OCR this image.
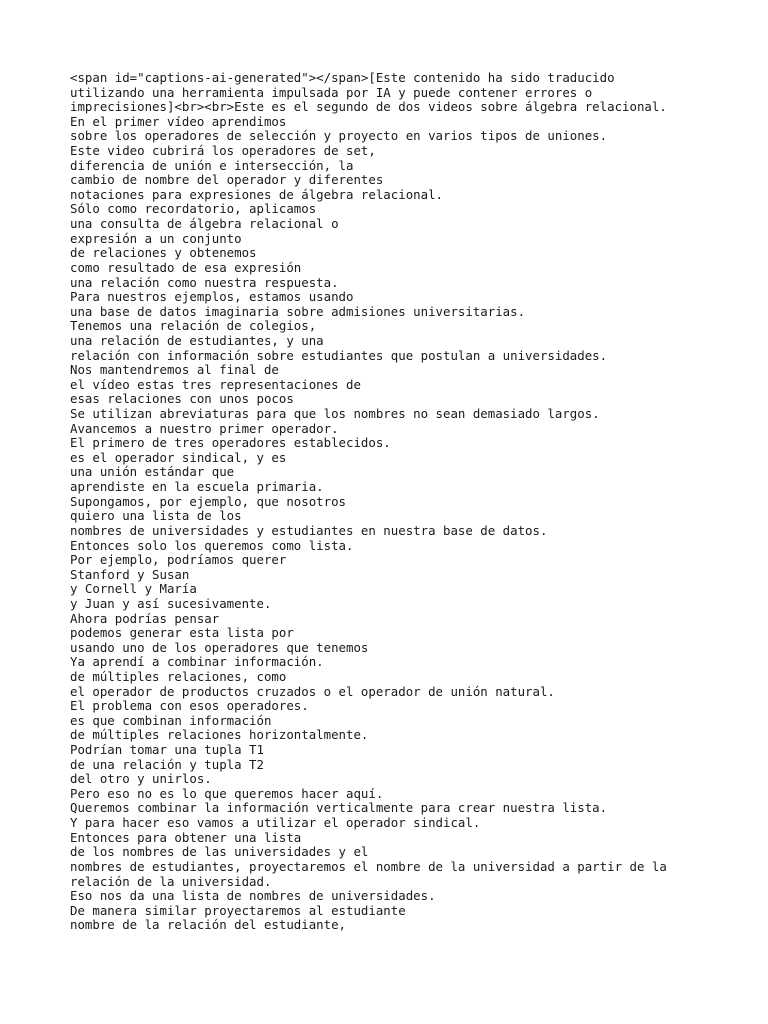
<span id="captions-ai-generated"></span>[Este contenido ha sido traducido
utilizando una herramienta impulsada por IA y puede contener errores o
imprecisiones]<br><br>Este es el segundo de dos videos sobre álgebra relacional.
En el primer vídeo aprendimos
sobre los operadores de selección y proyecto en varios tipos de uniones.
Este video cubrirá los operadores de set,
diferencia de unión e intersección, la
cambio de nombre del operador y diferentes
notaciones para expresiones de álgebra relacional.
Sólo como recordatorio, aplicamos
una consulta de álgebra relacional o
expresión a un conjunto
de relaciones y obtenemos
como resultado de esa expresión
una relación como nuestra respuesta.
Para nuestros ejemplos, estamos usando
una base de datos imaginaria sobre admisiones universitarias.
Tenemos una relación de colegios,
una relación de estudiantes, y una
relación con información sobre estudiantes que postulan a universidades.
Nos mantendremos al final de
el vídeo estas tres representaciones de
esas relaciones con unos pocos
Se utilizan abreviaturas para que los nombres no sean demasiado largos.
Avancemos a nuestro primer operador.
El primero de tres operadores establecidos.
es el operador sindical, y es
una unión estándar que
aprendiste en la escuela primaria.
Supongamos, por ejemplo, que nosotros
quiero una lista de los
nombres de universidades y estudiantes en nuestra base de datos.
Entonces solo los queremos como lista.
Por ejemplo, podríamos querer
Stanford y Susan
y Cornell y María
y Juan y así sucesivamente.
Ahora podrías pensar
podemos generar esta lista por
usando uno de los operadores que tenemos
Ya aprendí a combinar información.
de múltiples relaciones, como
el operador de productos cruzados o el operador de unión natural.
El problema con esos operadores.
es que combinan información
de múltiples relaciones horizontalmente.
Podrían tomar una tupla T1
de una relación y tupla T2
del otro y unirlos.
Pero eso no es lo que queremos hacer aquí.
Queremos combinar la información verticalmente para crear nuestra lista.
Y para hacer eso vamos a utilizar el operador sindical.
Entonces para obtener una lista
de los nombres de las universidades y el
nombres de estudiantes, proyectaremos el nombre de la universidad a partir de la
relación de la universidad.
Eso nos da una lista de nombres de universidades.
De manera similar proyectaremos al estudiante
nombre de la relación del estudiante,
